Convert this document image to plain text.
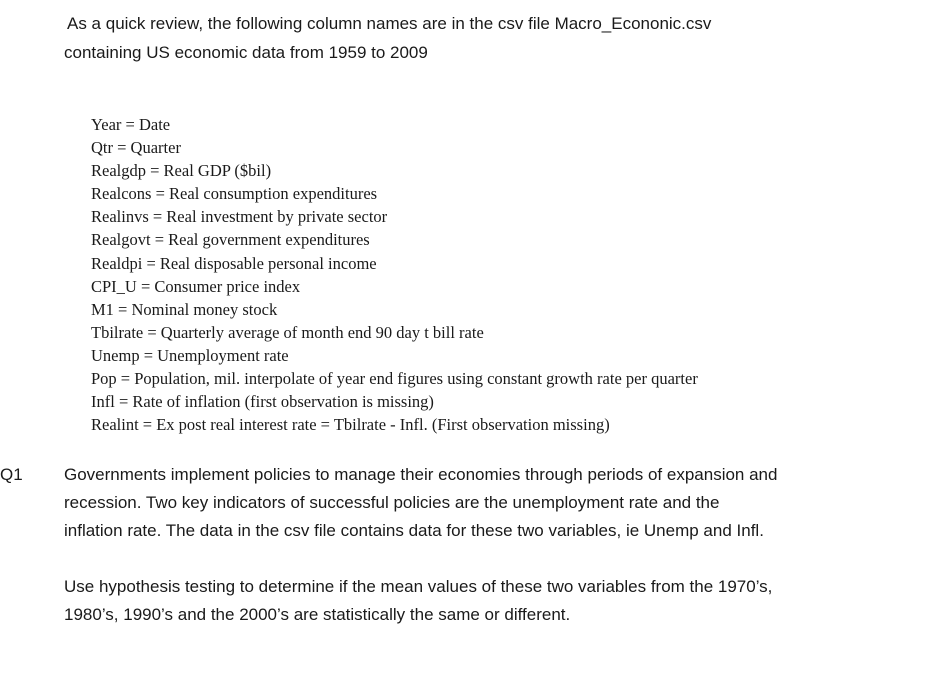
As a quick review, the following column names are in the csv file Macro_Econonic.csv
containing US economic data from 1959 to 2009
Year = Date
Qtr = Quarter
Realgdp = Real GDP ($bil)
Realcons = Real consumption expenditures
Realinvs = Real investment by private sector
Realgovt = Real government expenditures
Realdpi = Real disposable personal income
CPI_U = Consumer price index
M1 = Nominal money stock
Tbilrate = Quarterly average of month end 90 day t bill rate
Unemp = Unemployment rate
Pop = Population, mil. interpolate of year end figures using constant growth rate per quarter
Infl = Rate of inflation (first observation is missing)
Realint = Ex post real interest rate = Tbilrate - Infl. (First observation missing)
Q1 Governments implement policies to manage their economies through periods of expansion and
recession. Two key indicators of successful policies are the unemployment rate and the
inflation rate. The data in the csv file contains data for these two variables, ie Unemp and Infl.
Use hypothesis testing to determine if the mean values of these two variables from the 1970’s,
1980’s, 1990’s and the 2000’s are statistically the same or different.
